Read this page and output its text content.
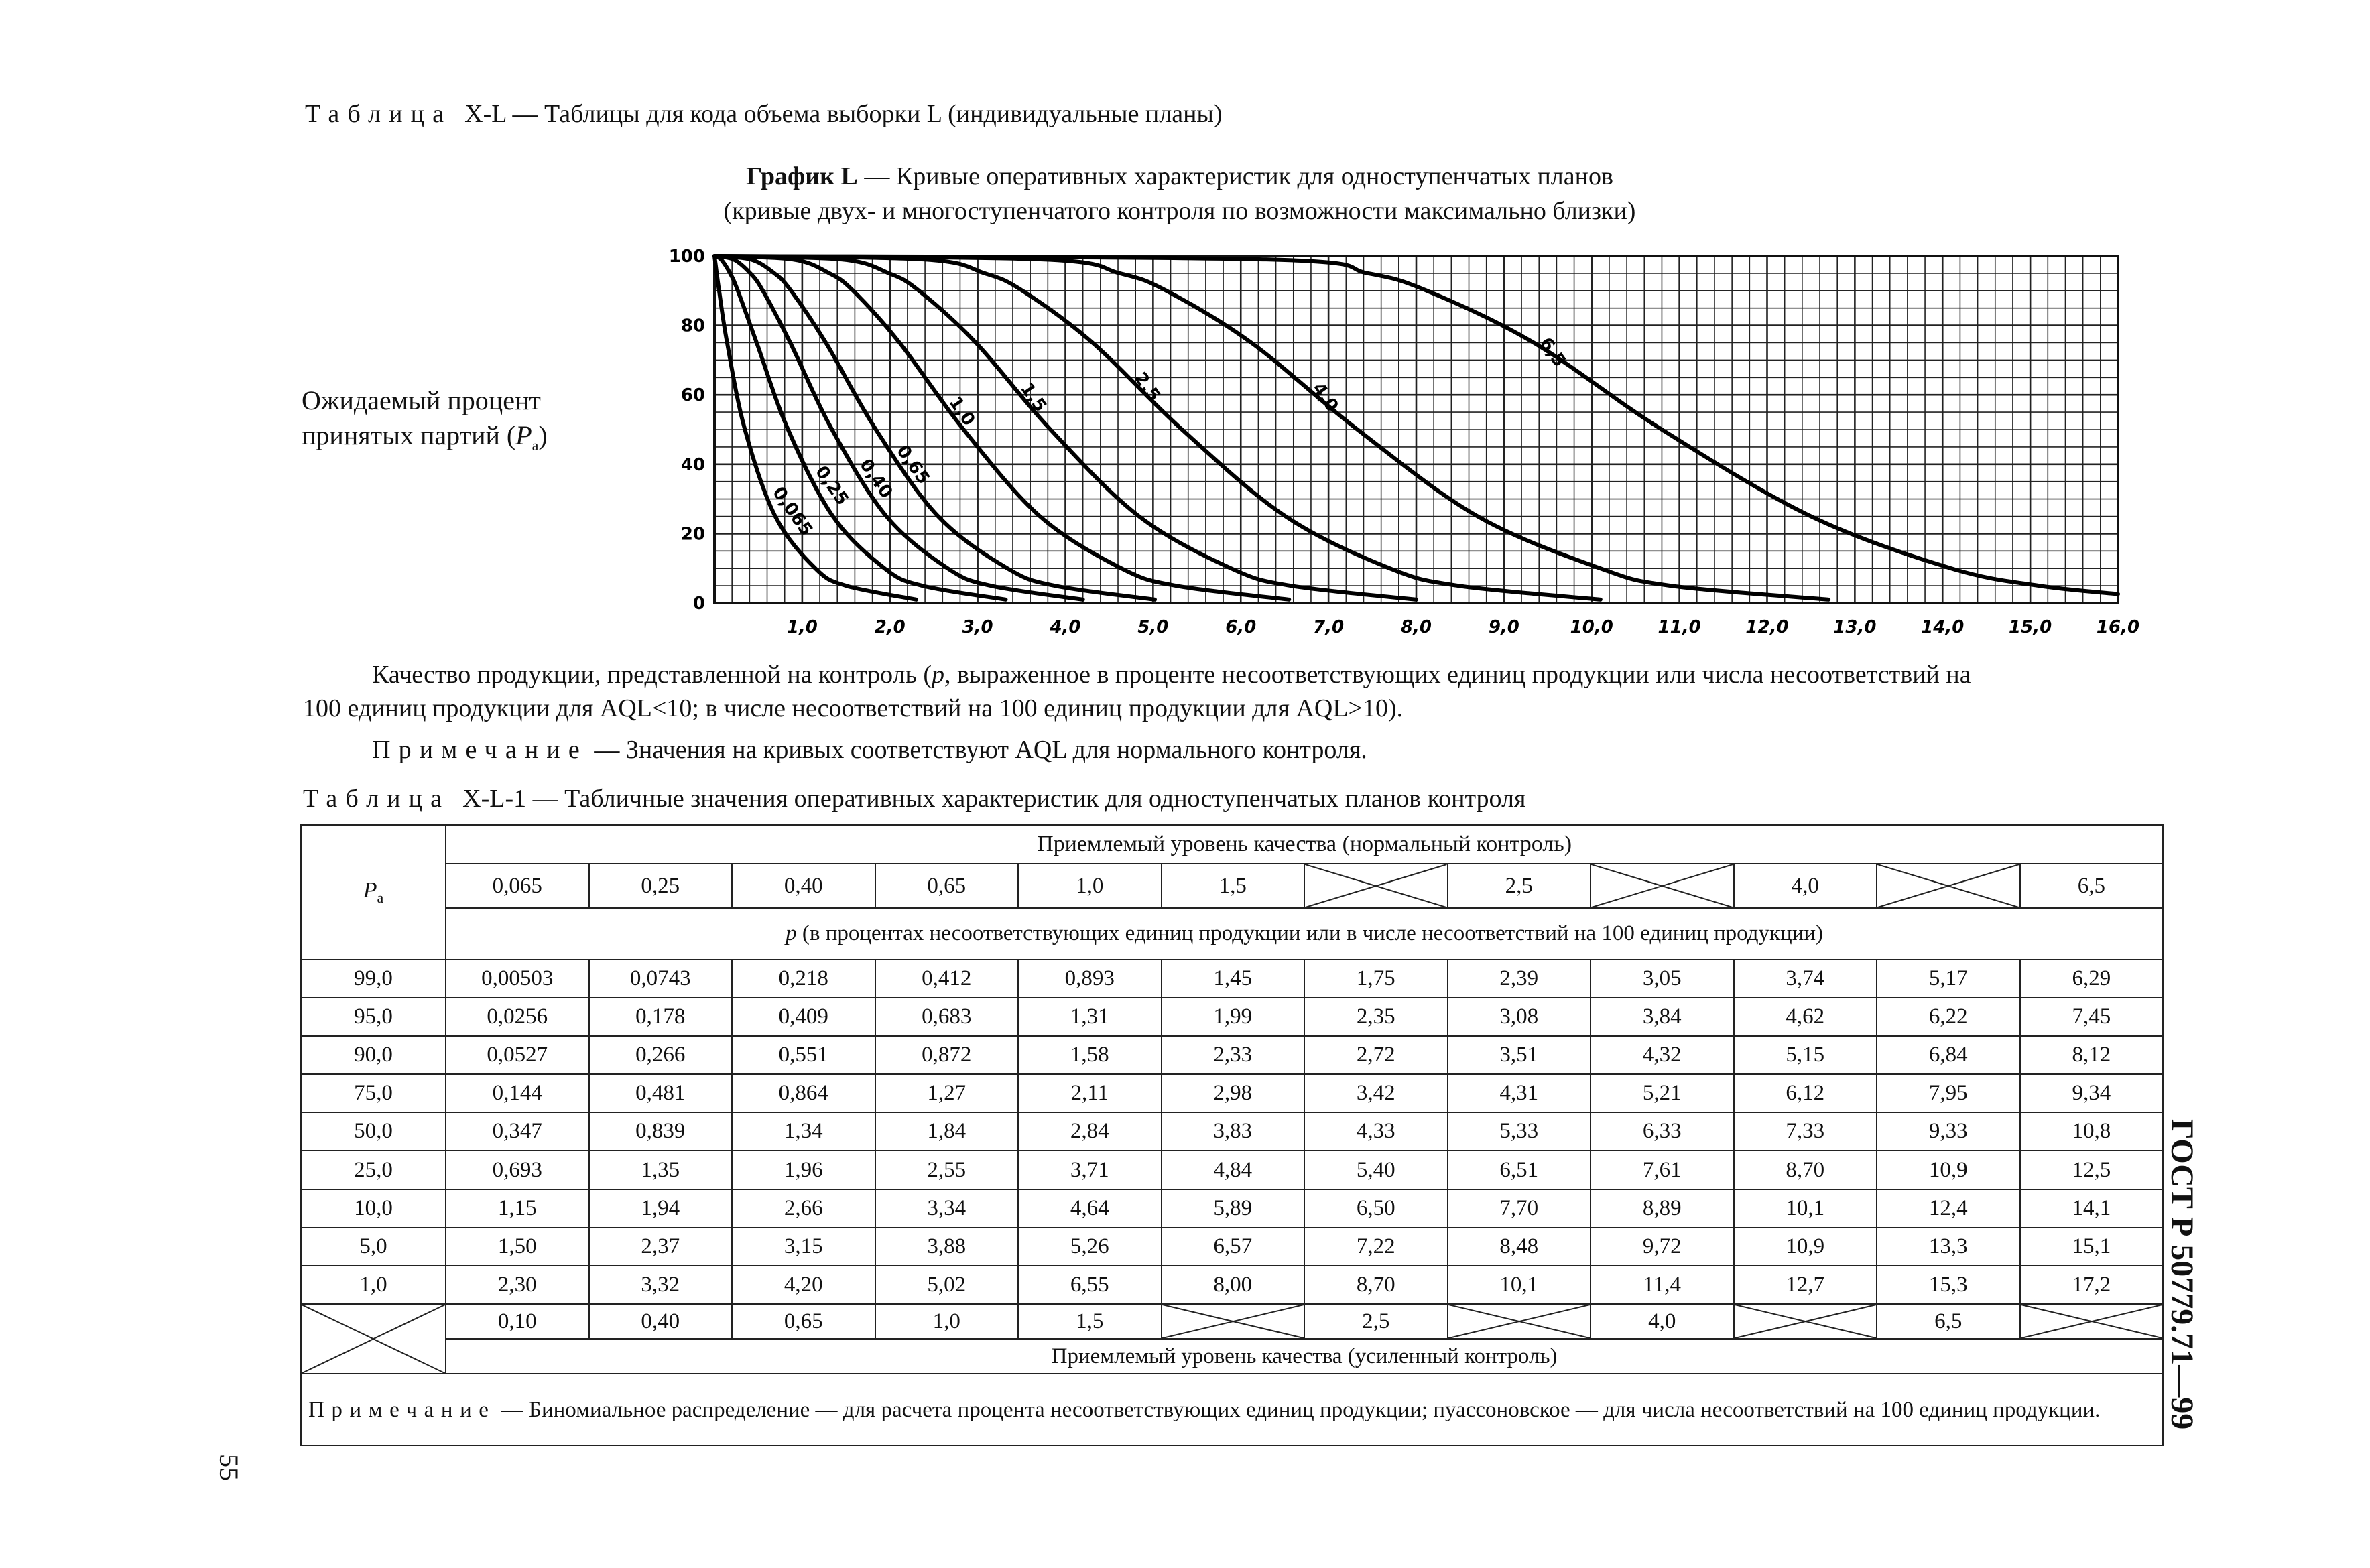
Таблица X-L — Таблицы для кода объема выборки L (индивидуальные планы)
График L — Кривые оперативных характеристик для одноступенчатых планов
(кривые двух- и многоступенчатого контроля по возможности максимально близки)
Ожидаемый процент
принятых партий $(P_a)$
0
20
40
60
80
100
1,0	2,0	3,0	4,0	5,0	6,0	7,0	8,0	9,0	10,0	11,0	12,0	13,0	14,0	15,0	16,0
0,065
0,25 0,40
0,65
1,0 1,5	2,5	4,0
6,5
Качество продукции, представленной на контроль (p, выраженное в проценте несоответствующих единиц продукции или числа несоответствий на
100 единиц продукции для AQL<10; в числе несоответствий на 100 единиц продукции для AQL>10).
Примечание — Значения на кривых соответствуют AQL для нормального контроля.
Таблица X-L-1 — Табличные значения оперативных характеристик для одноступенчатых планов контроля
$P_a$	Приемлемый уровень качества (нормальный контроль)											
	0,065	0,25	0,40	0,65	1,0	1,5		2,5		4,0		6,5
	p (в процентах несоответствующих единиц продукции или в числе несоответствий на 100 единиц продукции)											
99,0	0,00503	0,0743	0,218	0,412	0,893	1,45	1,75	2,39	3,05	3,74	5,17	6,29
95,0	0,0256	0,178	0,409	0,683	1,31	1,99	2,35	3,08	3,84	4,62	6,22	7,45
90,0	0,0527	0,266	0,551	0,872	1,58	2,33	2,72	3,51	4,32	5,15	6,84	8,12
75,0	0,144	0,481	0,864	1,27	2,11	2,98	3,42	4,31	5,21	6,12	7,95	9,34
50,0	0,347	0,839	1,34	1,84	2,84	3,83	4,33	5,33	6,33	7,33	9,33	10,8
25,0	0,693	1,35	1,96	2,55	3,71	4,84	5,40	6,51	7,61	8,70	10,9	12,5
10,0	1,15	1,94	2,66	3,34	4,64	5,89	6,50	7,70	8,89	10,1	12,4	14,1
5,0	1,50	2,37	3,15	3,88	5,26	6,57	7,22	8,48	9,72	10,9	13,3	15,1
1,0	2,30	3,32	4,20	5,02	6,55	8,00	8,70	10,1	11,4	12,7	15,3	17,2

	0,10	0,40	0,65	1,0	1,5		2,5		4,0		6,5	

	Приемлемый уровень качества (усиленный контроль)											
Примечание — Биномиальное распределение — для расчета процента несоответствующих единиц продукции; пуассоновское — для числа несоответствий на 100 единиц продукции.												ГОСТ Р 50779.71—99
55
